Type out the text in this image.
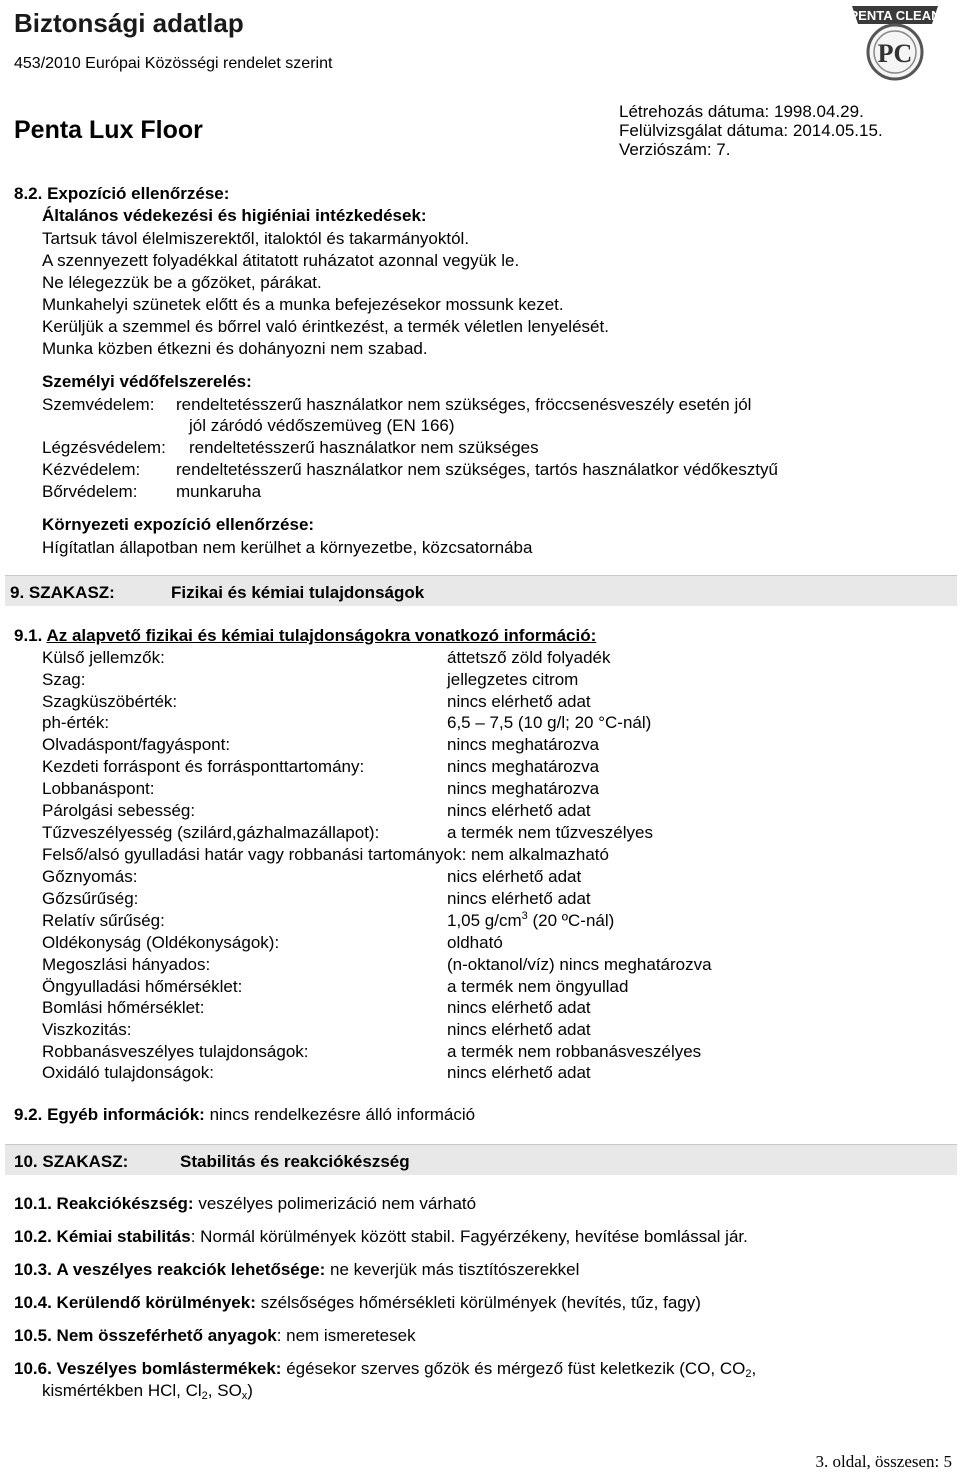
Biztonsági adatlap
453/2010 Európai Közösségi rendelet szerint
Penta Lux Floor
Létrehozás dátuma: 1998.04.29.
Felülvizsgálat dátuma: 2014.05.15.
Verziószám: 7.
PENTA CLEAN
PC
8.2. Expozíció ellenőrzése:
Általános védekezési és higiéniai intézkedések:
Tartsuk távol élelmiszerektől, italoktól és takarmányoktól.
A szennyezett folyadékkal átitatott ruházatot azonnal vegyük le.
Ne lélegezzük be a gőzöket, párákat.
Munkahelyi szünetek előtt és a munka befejezésekor mossunk kezet.
Kerüljük a szemmel és bőrrel való érintkezést, a termék véletlen lenyelését.
Munka közben étkezni és dohányozni nem szabad.
Személyi védőfelszerelés:
Szemvédelem: rendeltetésszerű használatkor nem szükséges, fröccsenésveszély esetén jól
jól záródó védőszemüveg (EN 166)
Légzésvédelem: rendeltetésszerű használatkor nem szükséges
Kézvédelem: rendeltetésszerű használatkor nem szükséges, tartós használatkor védőkesztyű
Bőrvédelem: munkaruha
Környezeti expozíció ellenőrzése:
Hígítatlan állapotban nem kerülhet a környezetbe, közcsatornába
9. SZAKASZ:	Fizikai és kémiai tulajdonságok
9.1. Az alapvető fizikai és kémiai tulajdonságokra vonatkozó információ:
Külső jellemzők:	áttetsző zöld folyadék
Szag:	jellegzetes citrom
Szagküszöbérték:	nincs elérhető adat
ph-érték:	6,5 – 7,5 (10 g/l; 20 °C-nál)
Olvadáspont/fagyáspont:	nincs meghatározva
Kezdeti forráspont és forrásponttartomány:	nincs meghatározva
Lobbanáspont:	nincs meghatározva
Párolgási sebesség:	nincs elérhető adat
Tűzveszélyesség (szilárd,gázhalmazállapot):	a termék nem tűzveszélyes
Felső/alsó gyulladási határ vagy robbanási tartományok: nem alkalmazható
Gőznyomás:	nics elérhető adat
Gőzsűrűség:	nincs elérhető adat
Relatív sűrűség:	1,05 $g/cm^3$ (20 ºC-nál)
Oldékonyság (Oldékonyságok):	oldható
Megoszlási hányados:	(n-oktanol/víz) nincs meghatározva
Öngyulladási hőmérséklet:	a termék nem öngyullad
Bomlási hőmérséklet:	nincs elérhető adat
Viszkozitás:	nincs elérhető adat
Robbanásveszélyes tulajdonságok:	a termék nem robbanásveszélyes
Oxidáló tulajdonságok:	nincs elérhető adat
9.2. Egyéb információk: nincs rendelkezésre álló információ
10. SZAKASZ:	Stabilitás és reakciókészség
10.1. Reakciókészség: veszélyes polimerizáció nem várható
10.2. Kémiai stabilitás: Normál körülmények között stabil. Fagyérzékeny, hevítése bomlással jár.
10.3. A veszélyes reakciók lehetősége: ne keverjük más tisztítószerekkel
10.4. Kerülendő körülmények: szélsőséges hőmérsékleti körülmények (hevítés, tűz, fagy)
10.5. Nem összeférhető anyagok: nem ismeretesek
10.6. Veszélyes bomlástermékek: égésekor szerves gőzök és mérgező füst keletkezik (CO, $CO_2$,
kismértékben HCl, $Cl_2$, $SO_x$)
3. oldal, összesen: 5
